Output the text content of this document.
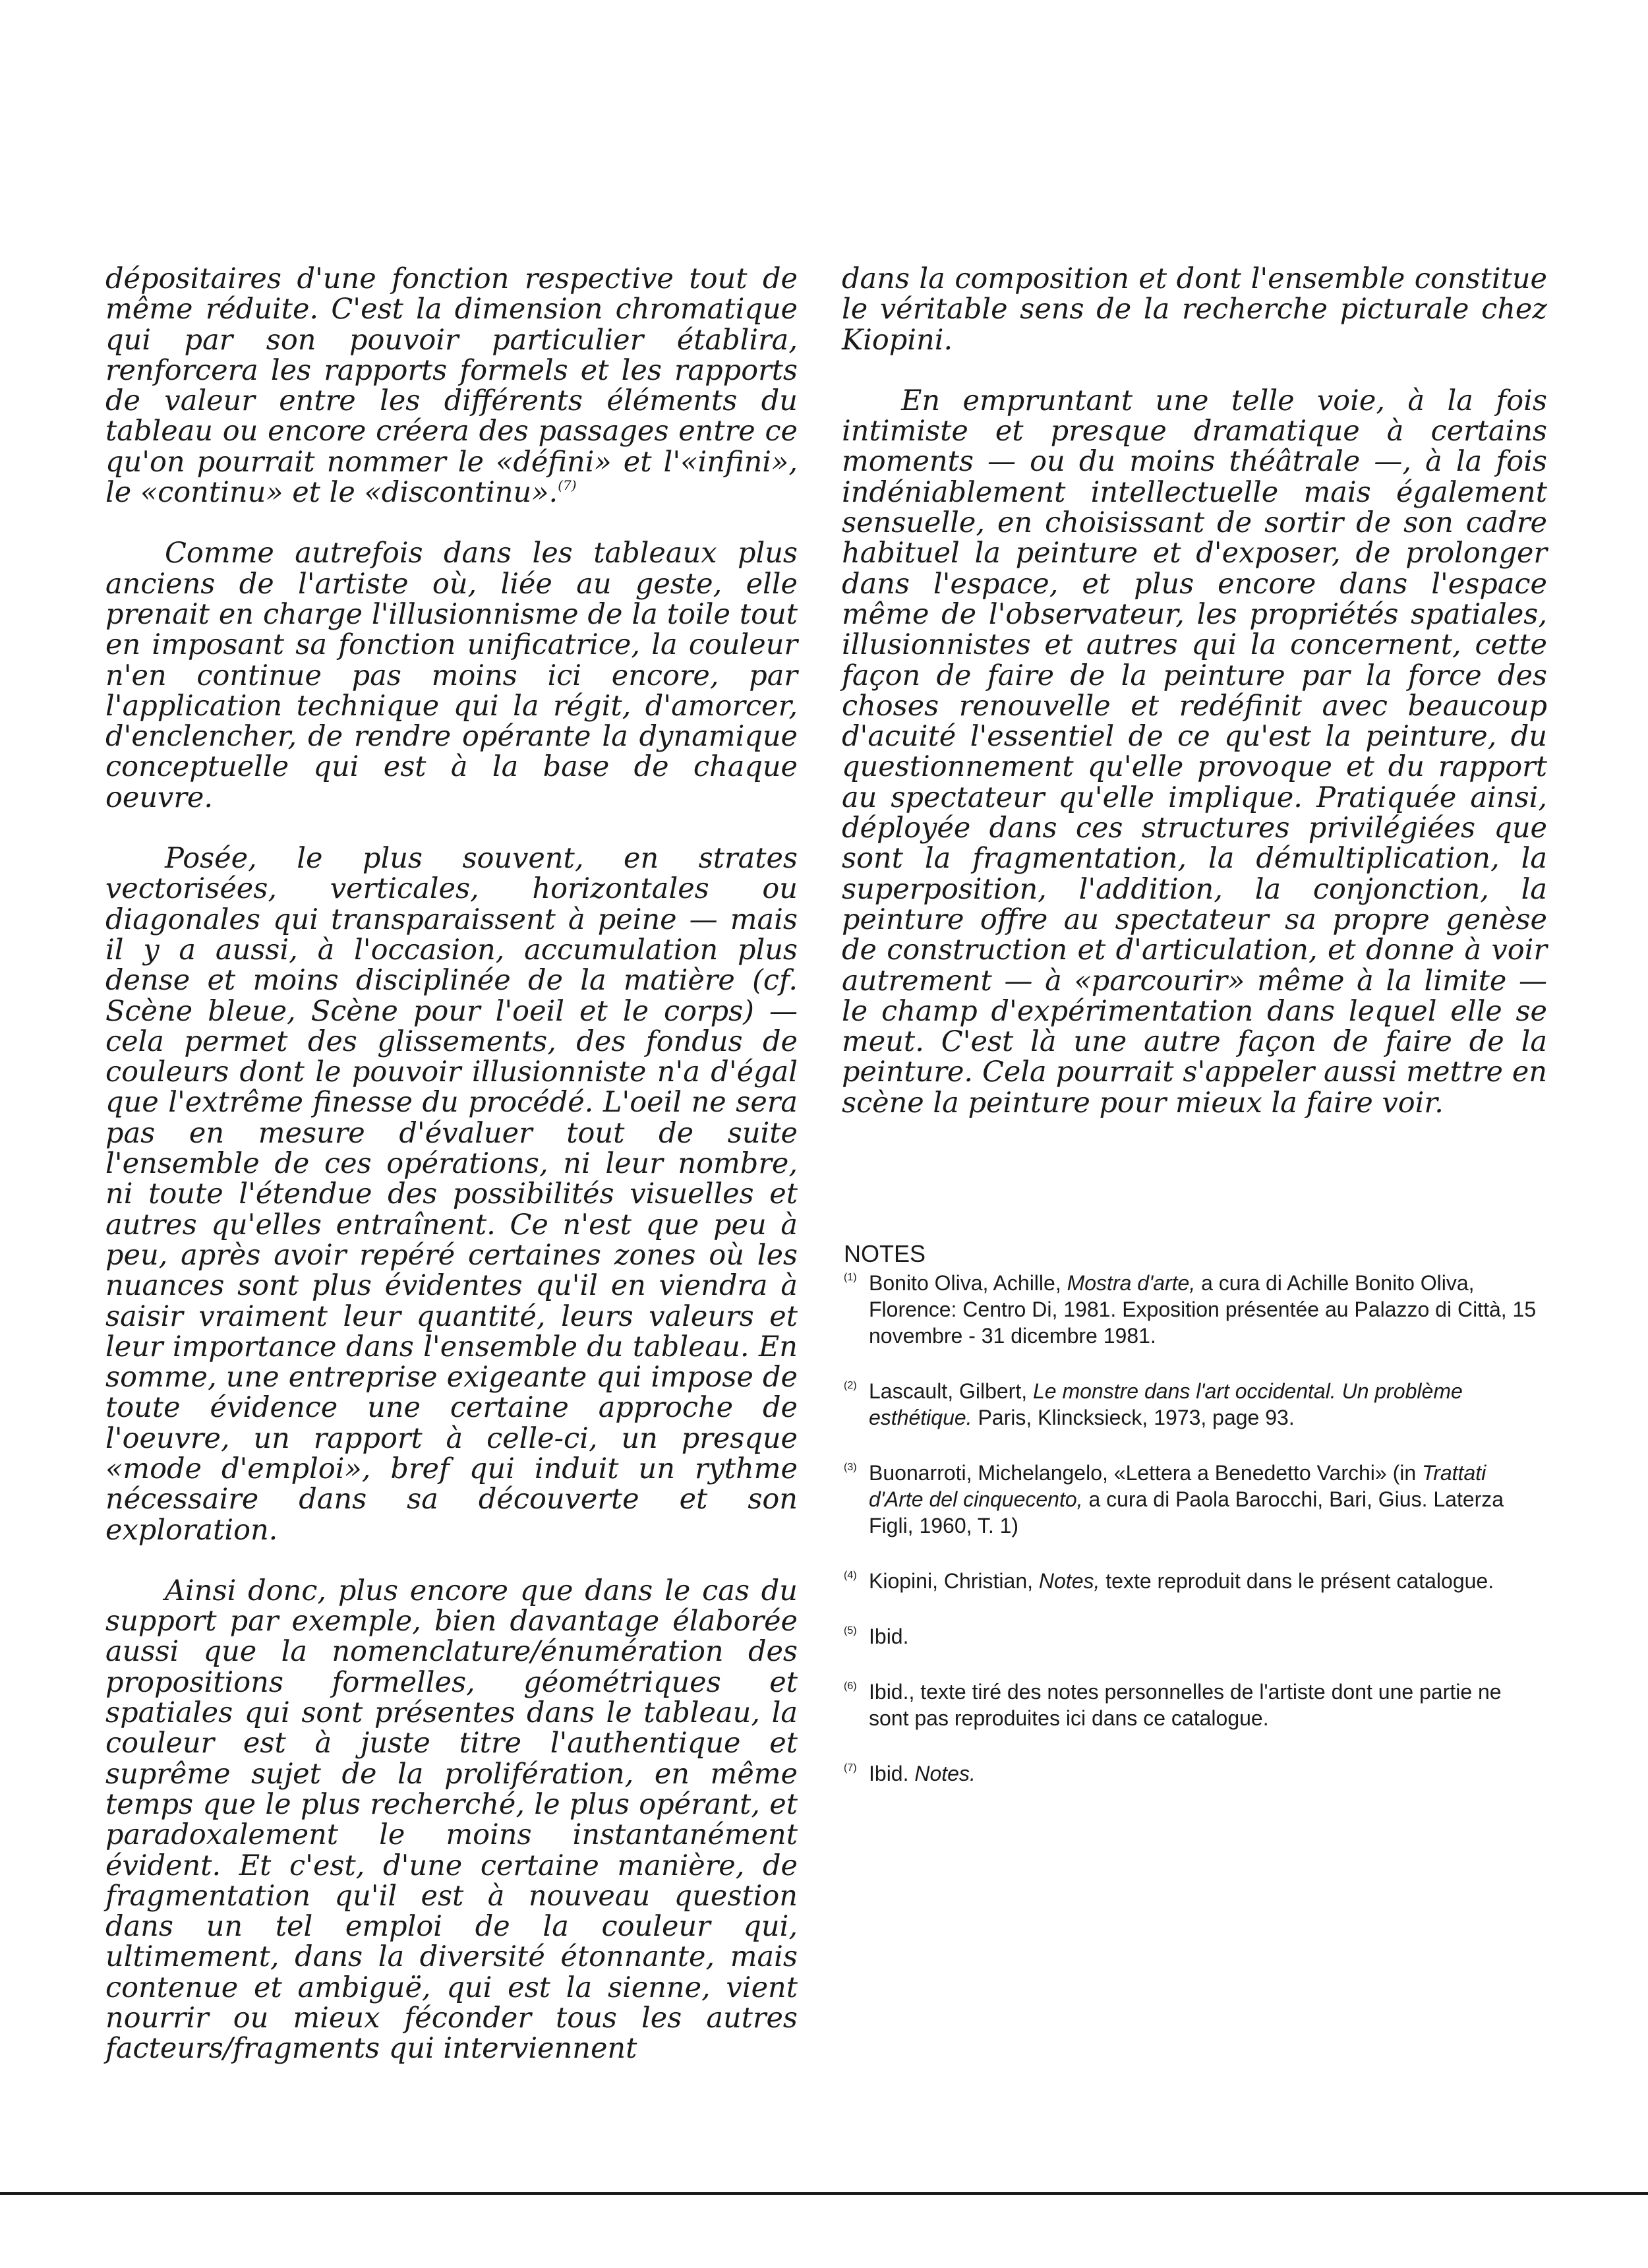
dépositaires d'une fonction respective tout de même réduite. C'est la dimension chromatique qui par son pouvoir particulier établira, renforcera les rapports formels et les rapports de valeur entre les différents éléments du tableau ou encore créera des passages entre ce qu'on pourrait nommer le «défini» et l'«infini», le «continu» et le «discontinu».$^{(7)}$

Comme autrefois dans les tableaux plus anciens de l'artiste où, liée au geste, elle prenait en charge l'illusionnisme de la toile tout en imposant sa fonction unificatrice, la couleur n'en continue pas moins ici encore, par l'application technique qui la régit, d'amorcer, d'enclencher, de rendre opérante la dynamique conceptuelle qui est à la base de chaque oeuvre.

Posée, le plus souvent, en strates vectorisées, verticales, horizontales ou diagonales qui transparaissent à peine — mais il y a aussi, à l'occasion, accumulation plus dense et moins disciplinée de la matière (cf. Scène bleue, Scène pour l'oeil et le corps) — cela permet des glissements, des fondus de couleurs dont le pouvoir illusionniste n'a d'égal que l'extrême finesse du procédé. L'oeil ne sera pas en mesure d'évaluer tout de suite l'ensemble de ces opérations, ni leur nombre, ni toute l'étendue des possibilités visuelles et autres qu'elles entraînent. Ce n'est que peu à peu, après avoir repéré certaines zones où les nuances sont plus évidentes qu'il en viendra à saisir vraiment leur quantité, leurs valeurs et leur importance dans l'ensemble du tableau. En somme, une entreprise exigeante qui impose de toute évidence une certaine approche de l'oeuvre, un rapport à celle-ci, un presque «mode d'emploi», bref qui induit un rythme nécessaire dans sa découverte et son exploration.

Ainsi donc, plus encore que dans le cas du support par exemple, bien davantage élaborée aussi que la nomenclature/énumération des propositions formelles, géométriques et spatiales qui sont présentes dans le tableau, la couleur est à juste titre l'authentique et suprême sujet de la prolifération, en même temps que le plus recherché, le plus opérant, et paradoxalement le moins instantanément évident. Et c'est, d'une certaine manière, de fragmentation qu'il est à nouveau question dans un tel emploi de la couleur qui, ultimement, dans la diversité étonnante, mais contenue et ambiguë, qui est la sienne, vient nourrir ou mieux féconder tous les autres facteurs/fragments qui interviennent

dans la composition et dont l'ensemble constitue le véritable sens de la recherche picturale chez Kiopini.

En empruntant une telle voie, à la fois intimiste et presque dramatique à certains moments — ou du moins théâtrale —, à la fois indéniablement intellectuelle mais également sensuelle, en choisissant de sortir de son cadre habituel la peinture et d'exposer, de prolonger dans l'espace, et plus encore dans l'espace même de l'observateur, les propriétés spatiales, illusionnistes et autres qui la concernent, cette façon de faire de la peinture par la force des choses renouvelle et redéfinit avec beaucoup d'acuité l'essentiel de ce qu'est la peinture, du questionnement qu'elle provoque et du rapport au spectateur qu'elle implique. Pratiquée ainsi, déployée dans ces structures privilégiées que sont la fragmentation, la démultiplication, la superposition, l'addition, la conjonction, la peinture offre au spectateur sa propre genèse de construction et d'articulation, et donne à voir autrement — à «parcourir» même à la limite — le champ d'expérimentation dans lequel elle se meut. C'est là une autre façon de faire de la peinture. Cela pourrait s'appeler aussi mettre en scène la peinture pour mieux la faire voir.

NOTES
(1) Bonito Oliva, Achille, Mostra d'arte, a cura di Achille Bonito Oliva, Florence: Centro Di, 1981. Exposition présentée au Palazzo di Città, 15 novembre - 31 dicembre 1981.
(2) Lascault, Gilbert, Le monstre dans l'art occidental. Un problème esthétique. Paris, Klincksieck, 1973, page 93.
(3) Buonarroti, Michelangelo, «Lettera a Benedetto Varchi» (in Trattati d'Arte del cinquecento, a cura di Paola Barocchi, Bari, Gius. Laterza Figli, 1960, T. 1)
(4) Kiopini, Christian, Notes, texte reproduit dans le présent catalogue.
(5) Ibid.
(6) Ibid., texte tiré des notes personnelles de l'artiste dont une partie ne sont pas reproduites ici dans ce catalogue.
(7) Ibid. Notes.
